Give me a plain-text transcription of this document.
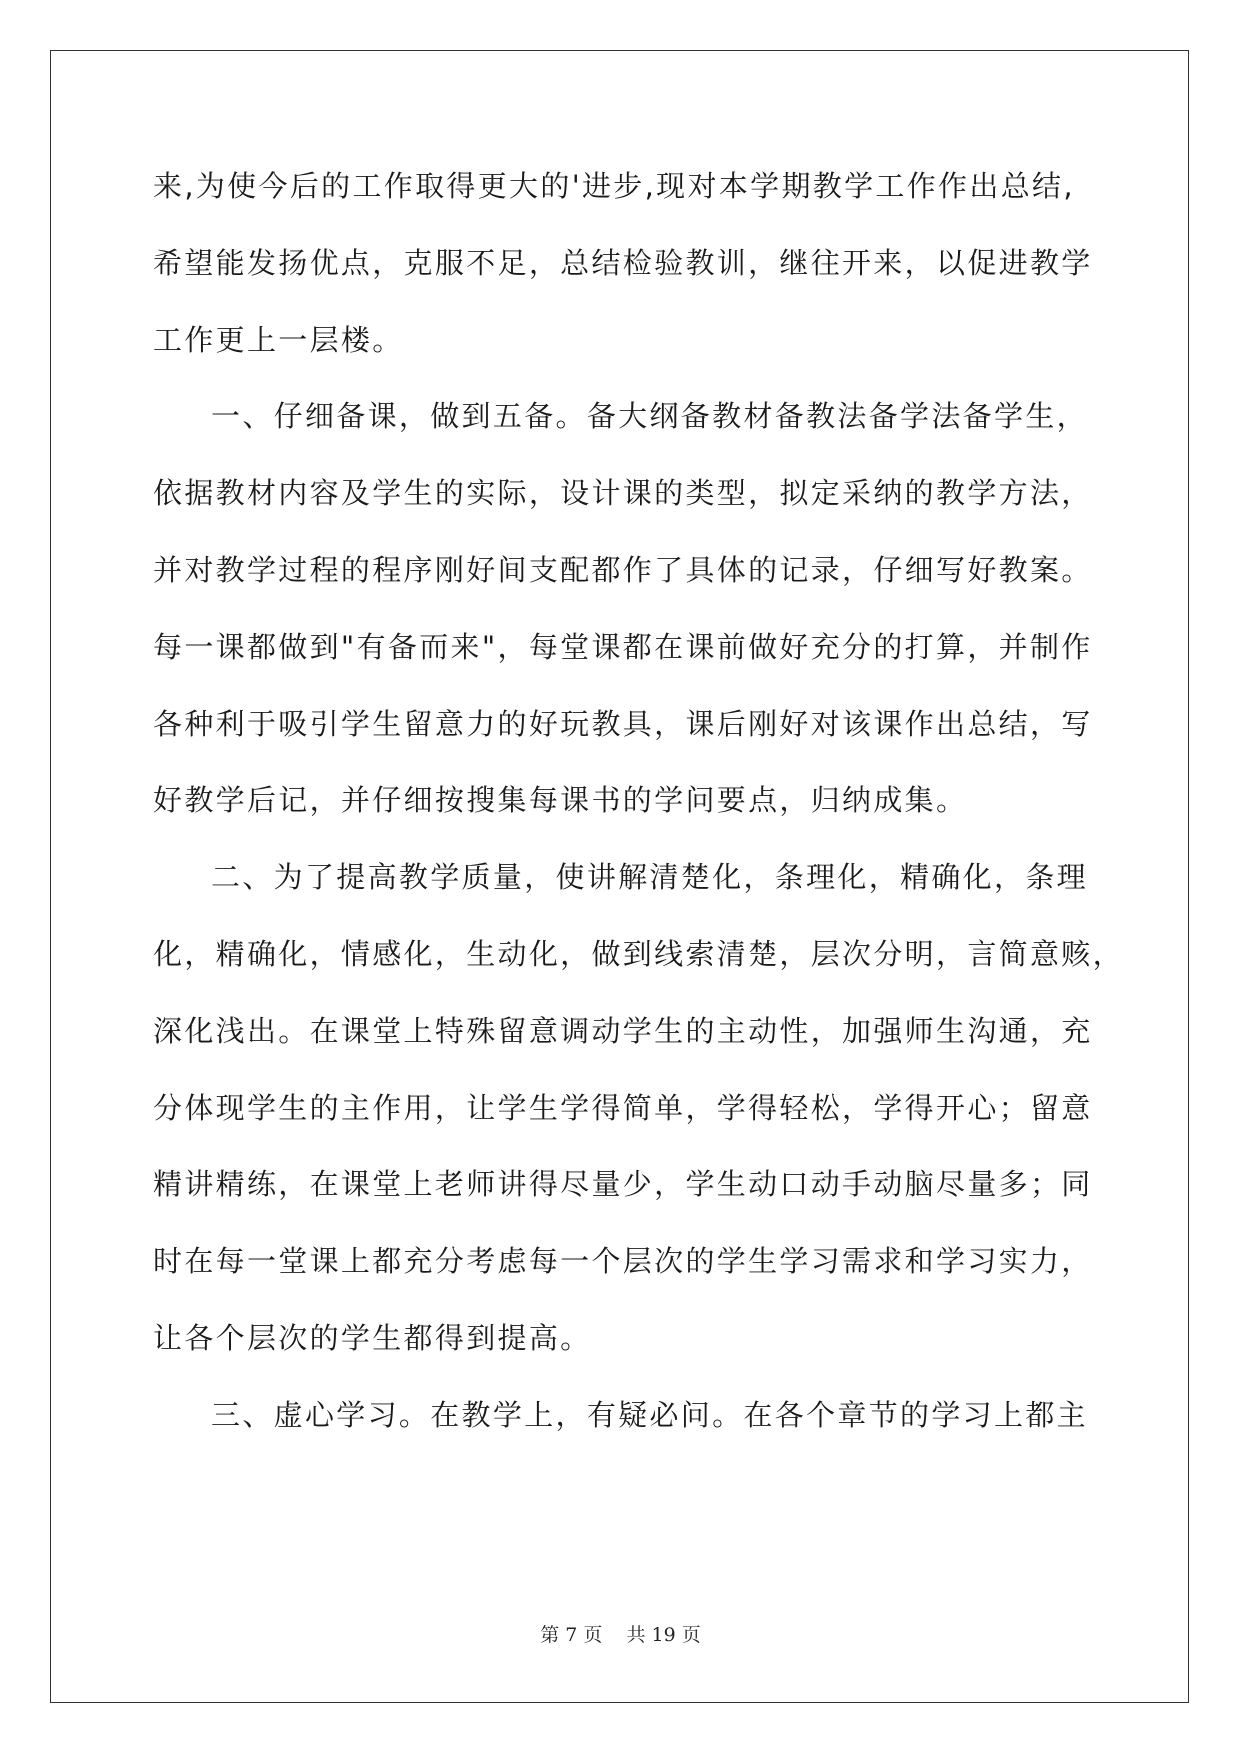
来,为使今后的工作取得更大的'进步,现对本学期教学工作作出总结,
希望能发扬优点，克服不足，总结检验教训，继往开来，以促进教学
工作更上一层楼。
一、仔细备课，做到五备。备大纲备教材备教法备学法备学生，
依据教材内容及学生的实际，设计课的类型，拟定采纳的教学方法，
并对教学过程的程序刚好间支配都作了具体的记录，仔细写好教案。
每一课都做到"有备而来"，每堂课都在课前做好充分的打算，并制作
各种利于吸引学生留意力的好玩教具，课后刚好对该课作出总结，写
好教学后记，并仔细按搜集每课书的学问要点，归纳成集。
二、为了提高教学质量，使讲解清楚化，条理化，精确化，条理
化，精确化，情感化，生动化，做到线索清楚，层次分明，言简意赅，
深化浅出。在课堂上特殊留意调动学生的主动性，加强师生沟通，充
分体现学生的主作用，让学生学得简单，学得轻松，学得开心；留意
精讲精练，在课堂上老师讲得尽量少，学生动口动手动脑尽量多；同
时在每一堂课上都充分考虑每一个层次的学生学习需求和学习实力，
让各个层次的学生都得到提高。
三、虚心学习。在教学上，有疑必问。在各个章节的学习上都主
第 7 页 共 19 页
